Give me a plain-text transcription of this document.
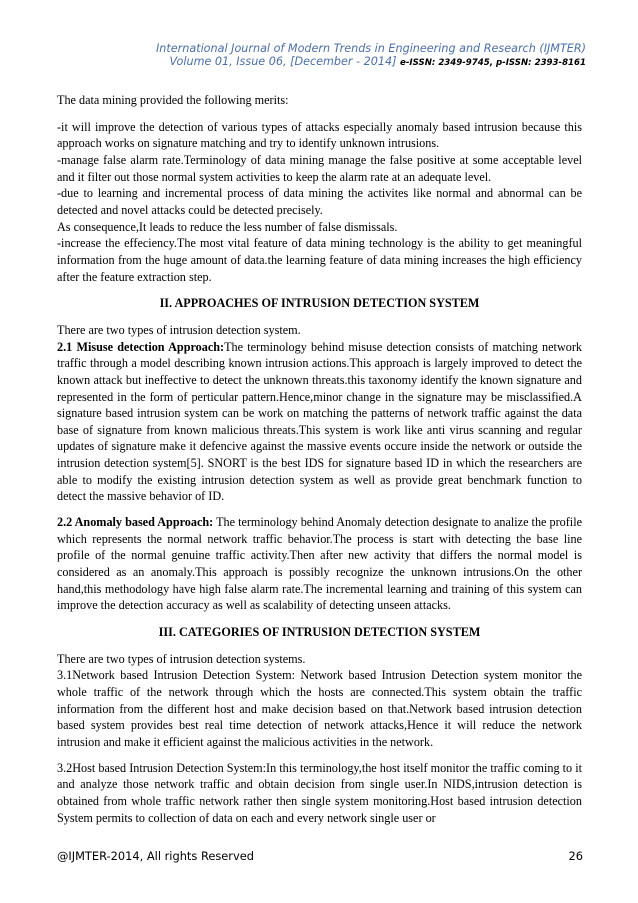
International Journal of Modern Trends in Engineering and Research (IJMTER)
Volume 01, Issue 06, [December - 2014] e-ISSN: 2349-9745, p-ISSN: 2393-8161

The data mining provided the following merits:

-it will improve the detection of various types of attacks especially anomaly based intrusion because this approach works on signature matching and try to identify unknown intrusions.

-manage false alarm rate.Terminology of data mining manage the false positive at some acceptable level and it filter out those normal system activities to keep the alarm rate at an adequate level.

-due to learning and incremental process of data mining the activites like normal and abnormal can be detected and novel attacks could be detected precisely.

As consequence,It leads to reduce the less number of false dismissals.

-increase the effeciency.The most vital feature of data mining technology is the ability to get meaningful information from the huge amount of data.the learning feature of data mining increases the high efficiency after the feature extraction step.

II. APPROACHES OF INTRUSION DETECTION SYSTEM

There are two types of intrusion detection system.

2.1 Misuse detection Approach:The terminology behind misuse detection consists of matching network traffic through a model describing known intrusion actions.This approach is largely improved to detect the known attack but ineffective to detect the unknown threats.this taxonomy identify the known signature and represented in the form of perticular pattern.Hence,minor change in the signature may be misclassified.A signature based intrusion system can be work on matching the patterns of network traffic against the data base of signature from known malicious threats.This system is work like anti virus scanning and regular updates of signature make it defencive against the massive events occure inside the network or outside the intrusion detection system[5]. SNORT is the best IDS for signature based ID in which the researchers are able to modify the existing intrusion detection system as well as provide great benchmark function to detect the massive behavior of ID.

2.2 Anomaly based Approach: The terminology behind Anomaly detection designate to analize the profile which represents the normal network traffic behavior.The process is start with detecting the base line profile of the normal genuine traffic activity.Then after new activity that differs the normal model is considered as an anomaly.This approach is possibly recognize the unknown intrusions.On the other hand,this methodology have high false alarm rate.The incremental learning and training of this system can improve the detection accuracy as well as scalability of detecting unseen attacks.

III. CATEGORIES OF INTRUSION DETECTION SYSTEM

There are two types of intrusion detection systems.

3.1Network based Intrusion Detection System: Network based Intrusion Detection system monitor the whole traffic of the network through which the hosts are connected.This system obtain the traffic information from the different host and make decision based on that.Network based intrusion detection based system provides best real time detection of network attacks,Hence it will reduce the network intrusion and make it efficient against the malicious activities in the network.

3.2Host based Intrusion Detection System:In this terminology,the host itself monitor the traffic coming to it and analyze those network traffic and obtain decision from single user.In NIDS,intrusion detection is obtained from whole traffic network rather then single system monitoring.Host based intrusion detection System permits to collection of data on each and every network single user or

@IJMTER-2014, All rights Reserved	26
